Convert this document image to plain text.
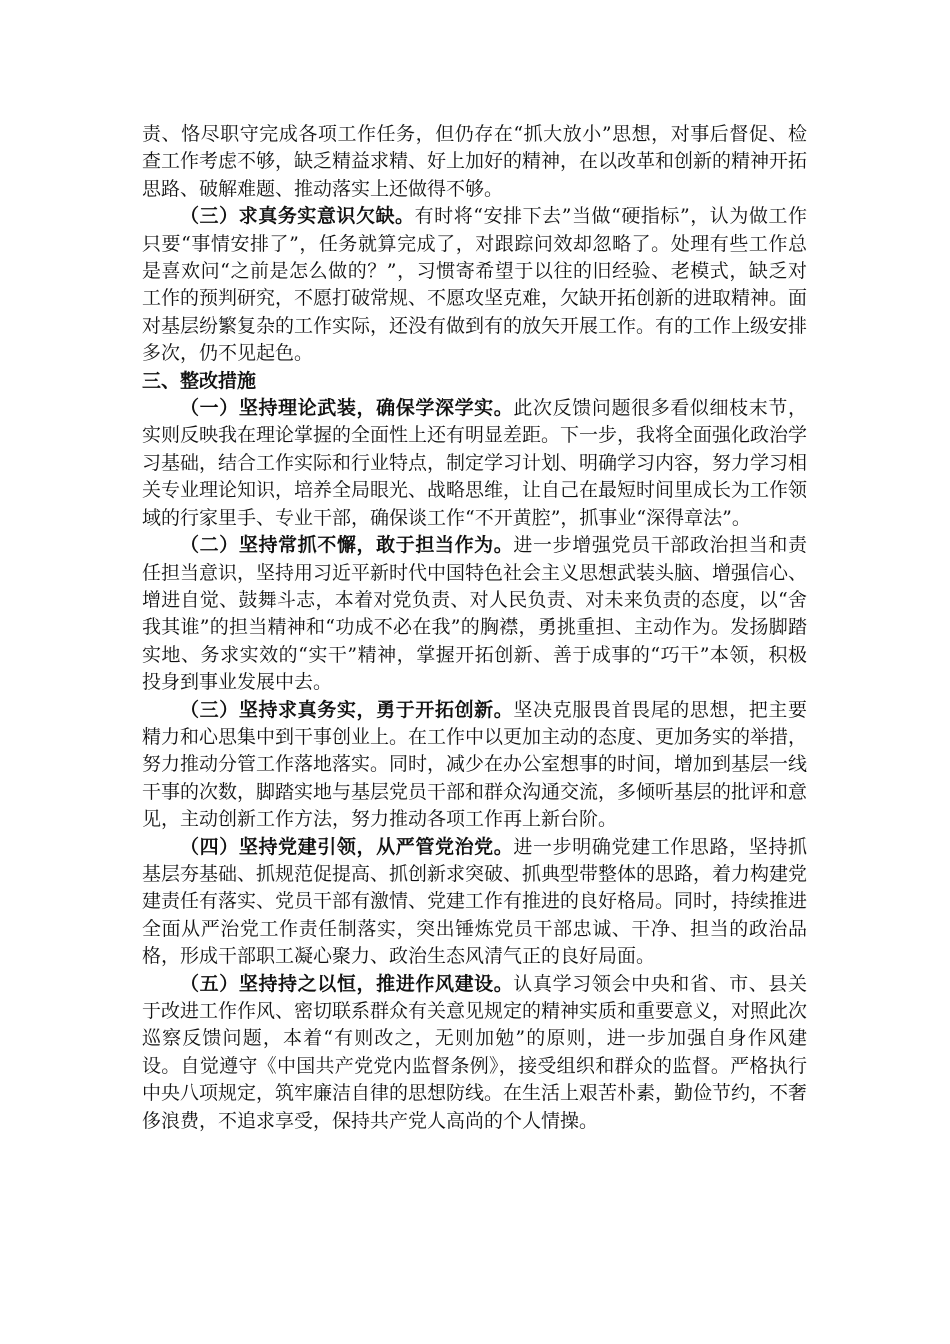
责、恪尽职守完成各项工作任务，但仍存在“抓大放小”思想，对事后督促、检查工作考虑不够，缺乏精益求精、好上加好的精神，在以改革和创新的精神开拓思路、破解难题、推动落实上还做得不够。

（三）求真务实意识欠缺。有时将“安排下去”当做“硬指标”，认为做工作只要“事情安排了”，任务就算完成了，对跟踪问效却忽略了。处理有些工作总是喜欢问“之前是怎么做的？”，习惯寄希望于以往的旧经验、老模式，缺乏对工作的预判研究，不愿打破常规、不愿攻坚克难，欠缺开拓创新的进取精神。面对基层纷繁复杂的工作实际，还没有做到有的放矢开展工作。有的工作上级安排多次，仍不见起色。

三、整改措施

（一）坚持理论武装，确保学深学实。此次反馈问题很多看似细枝末节，实则反映我在理论掌握的全面性上还有明显差距。下一步，我将全面强化政治学习基础，结合工作实际和行业特点，制定学习计划、明确学习内容，努力学习相关专业理论知识，培养全局眼光、战略思维，让自己在最短时间里成长为工作领域的行家里手、专业干部，确保谈工作“不开黄腔”，抓事业“深得章法”。

（二）坚持常抓不懈，敢于担当作为。进一步增强党员干部政治担当和责任担当意识，坚持用习近平新时代中国特色社会主义思想武装头脑、增强信心、增进自觉、鼓舞斗志，本着对党负责、对人民负责、对未来负责的态度，以“舍我其谁”的担当精神和“功成不必在我”的胸襟，勇挑重担、主动作为。发扬脚踏实地、务求实效的“实干”精神，掌握开拓创新、善于成事的“巧干”本领，积极投身到事业发展中去。

（三）坚持求真务实，勇于开拓创新。坚决克服畏首畏尾的思想，把主要精力和心思集中到干事创业上。在工作中以更加主动的态度、更加务实的举措，努力推动分管工作落地落实。同时，减少在办公室想事的时间，增加到基层一线干事的次数，脚踏实地与基层党员干部和群众沟通交流，多倾听基层的批评和意见，主动创新工作方法，努力推动各项工作再上新台阶。

（四）坚持党建引领，从严管党治党。进一步明确党建工作思路，坚持抓基层夯基础、抓规范促提高、抓创新求突破、抓典型带整体的思路，着力构建党建责任有落实、党员干部有激情、党建工作有推进的良好格局。同时，持续推进全面从严治党工作责任制落实，突出锤炼党员干部忠诚、干净、担当的政治品格，形成干部职工凝心聚力、政治生态风清气正的良好局面。

（五）坚持持之以恒，推进作风建设。认真学习领会中央和省、市、县关于改进工作作风、密切联系群众有关意见规定的精神实质和重要意义，对照此次巡察反馈问题，本着“有则改之，无则加勉”的原则，进一步加强自身作风建设。自觉遵守《中国共产党党内监督条例》，接受组织和群众的监督。严格执行中央八项规定，筑牢廉洁自律的思想防线。在生活上艰苦朴素，勤俭节约，不奢侈浪费，不追求享受，保持共产党人高尚的个人情操。
